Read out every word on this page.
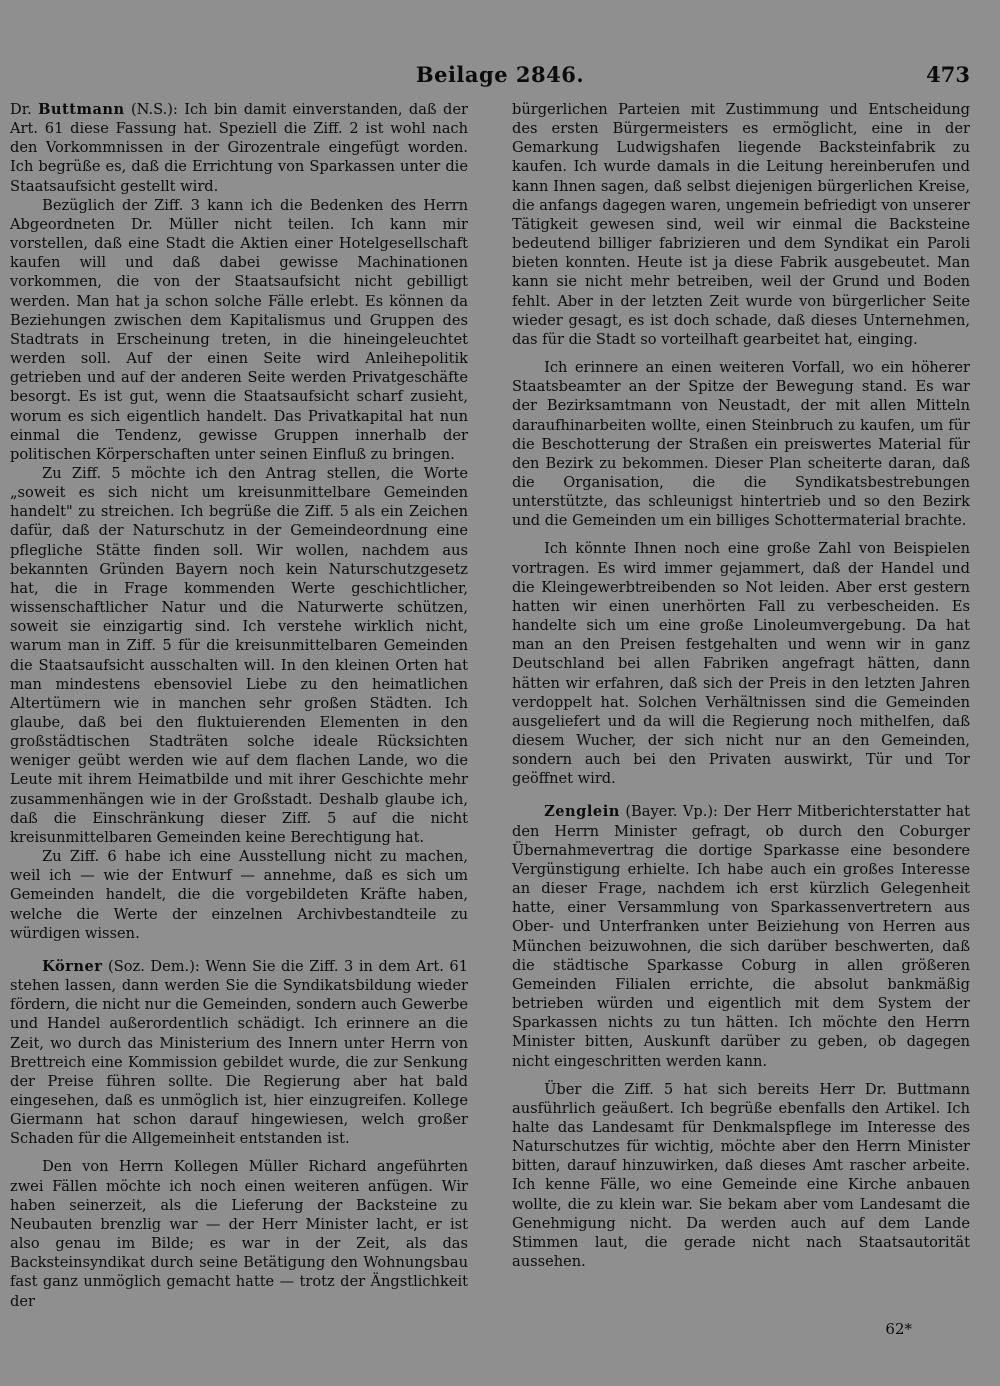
Beilage 2846.	473

Dr. Buttmann (N.S.): Ich bin damit einverstanden, daß der Art. 61 diese Fassung hat. Speziell die Ziff. 2 ist wohl nach den Vorkommnissen in der Girozentrale eingefügt worden. Ich begrüße es, daß die Errichtung von Sparkassen unter die Staatsaufsicht gestellt wird.

Bezüglich der Ziff. 3 kann ich die Bedenken des Herrn Abgeordneten Dr. Müller nicht teilen. Ich kann mir vorstellen, daß eine Stadt die Aktien einer Hotelgesellschaft kaufen will und daß dabei gewisse Machinationen vorkommen, die von der Staatsaufsicht nicht gebilligt werden. Man hat ja schon solche Fälle erlebt. Es können da Beziehungen zwischen dem Kapitalismus und Gruppen des Stadtrats in Erscheinung treten, in die hineingeleuchtet werden soll. Auf der einen Seite wird Anleihepolitik getrieben und auf der anderen Seite werden Privatgeschäfte besorgt. Es ist gut, wenn die Staatsaufsicht scharf zusieht, worum es sich eigentlich handelt. Das Privatkapital hat nun einmal die Tendenz, gewisse Gruppen innerhalb der politischen Körperschaften unter seinen Einfluß zu bringen.

Zu Ziff. 5 möchte ich den Antrag stellen, die Worte „soweit es sich nicht um kreisunmittelbare Gemeinden handelt" zu streichen. Ich begrüße die Ziff. 5 als ein Zeichen dafür, daß der Naturschutz in der Gemeindeordnung eine pflegliche Stätte finden soll. Wir wollen, nachdem aus bekannten Gründen Bayern noch kein Naturschutzgesetz hat, die in Frage kommenden Werte geschichtlicher, wissenschaftlicher Natur und die Naturwerte schützen, soweit sie einzigartig sind. Ich verstehe wirklich nicht, warum man in Ziff. 5 für die kreisunmittelbaren Gemeinden die Staatsaufsicht ausschalten will. In den kleinen Orten hat man mindestens ebensoviel Liebe zu den heimatlichen Altertümern wie in manchen sehr großen Städten. Ich glaube, daß bei den fluktuierenden Elementen in den großstädtischen Stadträten solche ideale Rücksichten weniger geübt werden wie auf dem flachen Lande, wo die Leute mit ihrem Heimatbilde und mit ihrer Geschichte mehr zusammenhängen wie in der Großstadt. Deshalb glaube ich, daß die Einschränkung dieser Ziff. 5 auf die nicht kreisunmittelbaren Gemeinden keine Berechtigung hat.

Zu Ziff. 6 habe ich eine Ausstellung nicht zu machen, weil ich — wie der Entwurf — annehme, daß es sich um Gemeinden handelt, die die vorgebildeten Kräfte haben, welche die Werte der einzelnen Archivbestandteile zu würdigen wissen.

Körner (Soz. Dem.): Wenn Sie die Ziff. 3 in dem Art. 61 stehen lassen, dann werden Sie die Syndikatsbildung wieder fördern, die nicht nur die Gemeinden, sondern auch Gewerbe und Handel außerordentlich schädigt. Ich erinnere an die Zeit, wo durch das Ministerium des Innern unter Herrn von Brettreich eine Kommission gebildet wurde, die zur Senkung der Preise führen sollte. Die Regierung aber hat bald eingesehen, daß es unmöglich ist, hier einzugreifen. Kollege Giermann hat schon darauf hingewiesen, welch großer Schaden für die Allgemeinheit entstanden ist.

Den von Herrn Kollegen Müller Richard angeführten zwei Fällen möchte ich noch einen weiteren anfügen. Wir haben seinerzeit, als die Lieferung der Backsteine zu Neubauten brenzlig war — der Herr Minister lacht, er ist also genau im Bilde; es war in der Zeit, als das Backsteinsyndikat durch seine Betätigung den Wohnungsbau fast ganz unmöglich gemacht hatte — trotz der Ängstlichkeit der

bürgerlichen Parteien mit Zustimmung und Entscheidung des ersten Bürgermeisters es ermöglicht, eine in der Gemarkung Ludwigshafen liegende Backsteinfabrik zu kaufen. Ich wurde damals in die Leitung hereinberufen und kann Ihnen sagen, daß selbst diejenigen bürgerlichen Kreise, die anfangs dagegen waren, ungemein befriedigt von unserer Tätigkeit gewesen sind, weil wir einmal die Backsteine bedeutend billiger fabrizieren und dem Syndikat ein Paroli bieten konnten. Heute ist ja diese Fabrik ausgebeutet. Man kann sie nicht mehr betreiben, weil der Grund und Boden fehlt. Aber in der letzten Zeit wurde von bürgerlicher Seite wieder gesagt, es ist doch schade, daß dieses Unternehmen, das für die Stadt so vorteilhaft gearbeitet hat, einging.

Ich erinnere an einen weiteren Vorfall, wo ein höherer Staatsbeamter an der Spitze der Bewegung stand. Es war der Bezirksamtmann von Neustadt, der mit allen Mitteln daraufhinarbeiten wollte, einen Steinbruch zu kaufen, um für die Beschotterung der Straßen ein preiswertes Material für den Bezirk zu bekommen. Dieser Plan scheiterte daran, daß die Organisation, die die Syndikatsbestrebungen unterstützte, das schleunigst hintertrieb und so den Bezirk und die Gemeinden um ein billiges Schottermaterial brachte.

Ich könnte Ihnen noch eine große Zahl von Beispielen vortragen. Es wird immer gejammert, daß der Handel und die Kleingewerbtreibenden so Not leiden. Aber erst gestern hatten wir einen unerhörten Fall zu verbescheiden. Es handelte sich um eine große Linoleumvergebung. Da hat man an den Preisen festgehalten und wenn wir in ganz Deutschland bei allen Fabriken angefragt hätten, dann hätten wir erfahren, daß sich der Preis in den letzten Jahren verdoppelt hat. Solchen Verhältnissen sind die Gemeinden ausgeliefert und da will die Regierung noch mithelfen, daß diesem Wucher, der sich nicht nur an den Gemeinden, sondern auch bei den Privaten auswirkt, Tür und Tor geöffnet wird.

Zenglein (Bayer. Vp.): Der Herr Mitberichterstatter hat den Herrn Minister gefragt, ob durch den Coburger Übernahmevertrag die dortige Sparkasse eine besondere Vergünstigung erhielte. Ich habe auch ein großes Interesse an dieser Frage, nachdem ich erst kürzlich Gelegenheit hatte, einer Versammlung von Sparkassenvertretern aus Ober- und Unterfranken unter Beiziehung von Herren aus München beizuwohnen, die sich darüber beschwerten, daß die städtische Sparkasse Coburg in allen größeren Gemeinden Filialen errichte, die absolut bankmäßig betrieben würden und eigentlich mit dem System der Sparkassen nichts zu tun hätten. Ich möchte den Herrn Minister bitten, Auskunft darüber zu geben, ob dagegen nicht eingeschritten werden kann.

Über die Ziff. 5 hat sich bereits Herr Dr. Buttmann ausführlich geäußert. Ich begrüße ebenfalls den Artikel. Ich halte das Landesamt für Denkmalspflege im Interesse des Naturschutzes für wichtig, möchte aber den Herrn Minister bitten, darauf hinzuwirken, daß dieses Amt rascher arbeite. Ich kenne Fälle, wo eine Gemeinde eine Kirche anbauen wollte, die zu klein war. Sie bekam aber vom Landesamt die Genehmigung nicht. Da werden auch auf dem Lande Stimmen laut, die gerade nicht nach Staatsautorität aussehen.

62*
